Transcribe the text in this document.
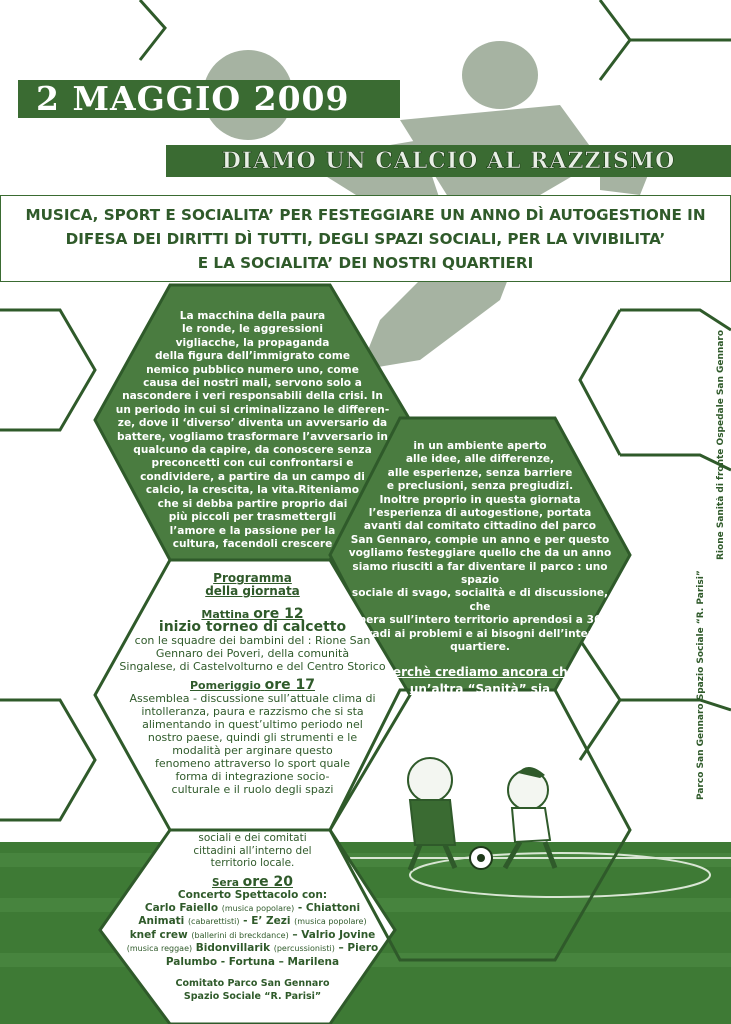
2 MAGGIO 2009
DIAMO UN CALCIO AL RAZZISMO
MUSICA, SPORT E SOCIALITA’ PER FESTEGGIARE UN ANNO DÌ AUTOGESTIONE IN
DIFESA DEI DIRITTI DÌ TUTTI, DEGLI SPAZI SOCIALI, PER LA VIVIBILITA’
E LA SOCIALITA’ DEI NOSTRI QUARTIERI
La macchina della paura
le ronde, le aggressioni
vigliacche, la propaganda
della figura dell’immigrato come
nemico pubblico numero uno, come
causa dei nostri mali, servono solo a
nascondere i veri responsabili della crisi. In
un periodo in cui si criminalizzano le differen-
ze, dove il ‘diverso’ diventa un avversario da
battere, vogliamo trasformare l’avversario in
qualcuno da capire, da conoscere senza
preconcetti con cui confrontarsi e
condividere, a partire da un campo di
calcio, la crescita, la vita.Riteniamo
che si debba partire proprio dai
più piccoli per trasmettergli
l’amore e la passione per la
cultura, facendoli crescere
in un ambiente aperto
alle idee, alle differenze,
alle esperienze, senza barriere
e preclusioni, senza pregiudizi.
Inoltre proprio in questa giornata
l’esperienza di autogestione, portata
avanti dal comitato cittadino del parco
San Gennaro, compie un anno e per questo
vogliamo festeggiare quello che da un anno
siamo riusciti a far diventare il parco : uno spazio
sociale di svago, socialità e di discussione, che
opera sull’intero territorio aprendosi a 360
gradi ai problemi e ai bisogni dell’intero
quartiere.
Perchè crediamo ancora che
un’altra “Sanità” sia
possibile...
Programma
della giornata
Mattina ore 12
inizio torneo di calcetto
con le squadre dei bambini del : Rione San
Gennaro dei Poveri, della comunità
Singalese, di Castelvolturno e del Centro Storico
Pomeriggio ore 17
Assemblea - discussione sull’attuale clima di
intolleranza, paura e razzismo che si sta
alimentando in quest’ultimo periodo nel
nostro paese, quindi gli strumenti e le
modalità per arginare questo
fenomeno attraverso lo sport quale
forma di integrazione socio-
culturale e il ruolo degli spazi
sociali e dei comitati
cittadini all’interno del
territorio locale.
Sera ore 20
Concerto Spettacolo con:
Carlo Faiello (musica popolare) - Chiattoni
Animati (cabarettisti) - E’ Zezi (musica popolare)
knef crew (ballerini di breckdance) – Valrio Jovine
(musica reggae) Bidonvillarik (percussionisti) – Piero
Palumbo - Fortuna – Marilena
Comitato Parco San Gennaro
Spazio Sociale “R. Parisi”
Parco San Gennaro Spazio Sociale “R. Parisi”
Rione Sanità di fronte Ospedale San Gennaro
